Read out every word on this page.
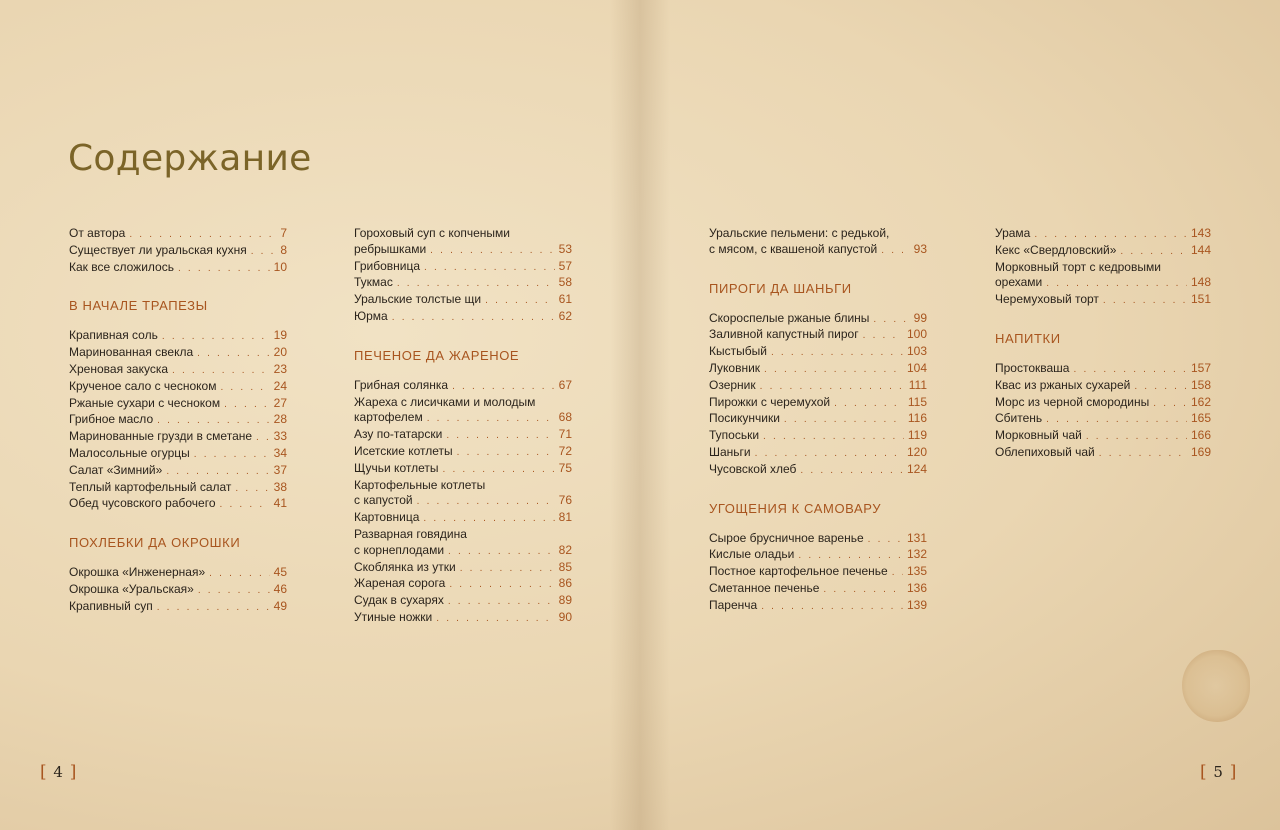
Содержание
От автора . . .	7
Существует ли уральская кухня . . .	8
Как все сложилось . . .	10
В НАЧАЛЕ ТРАПЕЗЫ
Крапивная соль . . .	19
Маринованная свекла . . .	20
Хреновая закуска . . .	23
Крученое сало с чесноком . . .	24
Ржаные сухари с чесноком . . .	27
Грибное масло . . .	28
Маринованные грузди в сметане . . . 33
Малосольные огурцы . . .	34
Салат «Зимний» . . .	37
Теплый картофельный салат . . .	38
Обед чусовского рабочего . . .	41
ПОХЛЕБКИ ДА ОКРОШКИ
Окрошка «Инженерная» . . .	45
Окрошка «Уральская» . . .	46
Крапивный суп . . .	49
Гороховый суп с копчеными
ребрышками . . .	53
Грибовница . . .	57
Тукмас . . .	58
Уральские толстые щи . . .	61
Юрма . . .	62
ПЕЧЕНОЕ ДА ЖАРЕНОЕ
Грибная солянка . . .	67
Жареха с лисичками и молодым
картофелем . . .	68
Азу по-татарски . . .	71
Исетские котлеты . . .	72
Щучьи котлеты . . .	75
Картофельные котлеты
с капустой . . .	76
Картовница . . .	81
Разварная говядина
с корнеплодами . . .	82
Скоблянка из утки . . .	85
Жареная сорога . . .	86
Судак в сухарях . . .	89
Утиные ножки . . .	90
Уральские пельмени: с редькой,
с мясом, с квашеной капустой . . .	93
ПИРОГИ ДА ШАНЬГИ
Скороспелые ржаные блины . . .	99
Заливной капустный пирог . . .	100
Кыстыбый . . .	103
Луковник . . .	104
Озерник . . .	111
Пирожки с черемухой . . .	115
Посикунчики . . .	116
Тупоськи . . .	119
Шаньги . . .	120
Чусовской хлеб . . .	124
УГОЩЕНИЯ К САМОВАРУ
Сырое брусничное варенье . . .	131
Кислые оладьи . . .	132
Постное картофельное печенье . . . 135
Сметанное печенье . . .	136
Паренча . . .	139
Урама . . .	143
Кекс «Свердловский» . . .	144
Морковный торт с кедровыми
орехами . . .	148
Черемуховый торт . . .	151
НАПИТКИ
Простокваша . . .	157
Квас из ржаных сухарей . . .	158
Морс из черной смородины . . .	162
Сбитень . . .	165
Морковный чай . . .	166
Облепиховый чай . . .	169
[ 4 ]	[ 5 ]
